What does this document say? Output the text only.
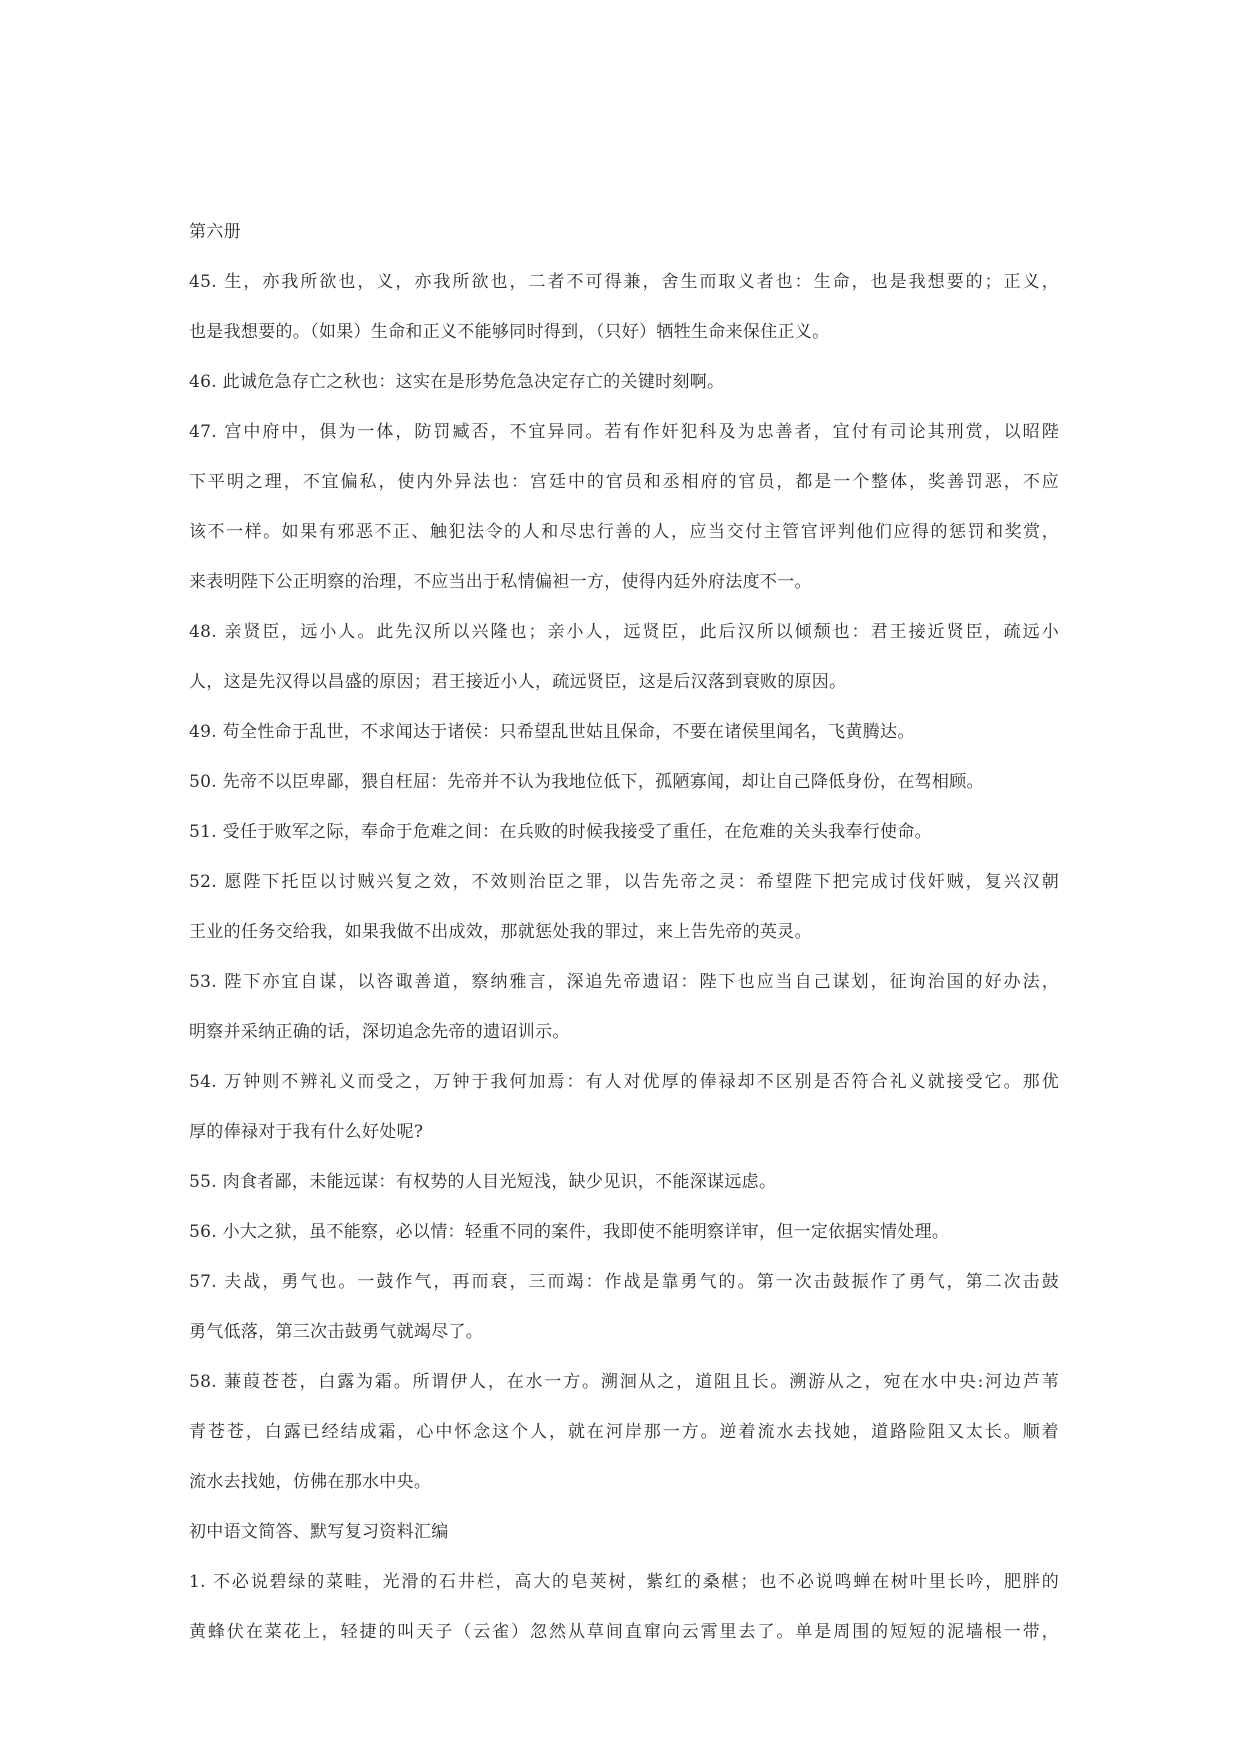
第六册
45. 生，亦我所欲也，义，亦我所欲也，二者不可得兼，舍生而取义者也：生命，也是我想要的；正义，
也是我想要的。（如果）生命和正义不能够同时得到，（只好）牺牲生命来保住正义。
46. 此诚危急存亡之秋也：这实在是形势危急决定存亡的关键时刻啊。
47. 宫中府中，俱为一体，防罚臧否，不宜异同。若有作奸犯科及为忠善者，宜付有司论其刑赏，以昭陛
下平明之理，不宜偏私，使内外异法也：宫廷中的官员和丞相府的官员，都是一个整体，奖善罚恶，不应
该不一样。如果有邪恶不正、触犯法令的人和尽忠行善的人，应当交付主管官评判他们应得的惩罚和奖赏，
来表明陛下公正明察的治理，不应当出于私情偏袒一方，使得内廷外府法度不一。
48. 亲贤臣，远小人。此先汉所以兴隆也；亲小人，远贤臣，此后汉所以倾颓也：君王接近贤臣，疏远小
人，这是先汉得以昌盛的原因；君王接近小人，疏远贤臣，这是后汉落到衰败的原因。
49. 苟全性命于乱世，不求闻达于诸侯：只希望乱世姑且保命，不要在诸侯里闻名，飞黄腾达。
50. 先帝不以臣卑鄙，猥自枉屈：先帝并不认为我地位低下，孤陋寡闻，却让自己降低身份，在驾相顾。
51. 受任于败军之际，奉命于危难之间：在兵败的时候我接受了重任，在危难的关头我奉行使命。
52. 愿陛下托臣以讨贼兴复之效，不效则治臣之罪，以告先帝之灵：希望陛下把完成讨伐奸贼，复兴汉朝
王业的任务交给我，如果我做不出成效，那就惩处我的罪过，来上告先帝的英灵。
53. 陛下亦宜自谋，以咨诹善道，察纳雅言，深追先帝遗诏：陛下也应当自己谋划，征询治国的好办法，
明察并采纳正确的话，深切追念先帝的遗诏训示。
54. 万钟则不辨礼义而受之，万钟于我何加焉：有人对优厚的俸禄却不区别是否符合礼义就接受它。那优
厚的俸禄对于我有什么好处呢?
55. 肉食者鄙，未能远谋：有权势的人目光短浅，缺少见识，不能深谋远虑。
56. 小大之狱，虽不能察，必以情：轻重不同的案件，我即使不能明察详审，但一定依据实情处理。
57. 夫战，勇气也。一鼓作气，再而衰，三而竭：作战是靠勇气的。第一次击鼓振作了勇气，第二次击鼓
勇气低落，第三次击鼓勇气就竭尽了。
58. 蒹葭苍苍，白露为霜。所谓伊人，在水一方。溯洄从之，道阻且长。溯游从之，宛在水中央:河边芦苇
青苍苍，白露已经结成霜，心中怀念这个人，就在河岸那一方。逆着流水去找她，道路险阻又太长。顺着
流水去找她，仿佛在那水中央。
初中语文简答、默写复习资料汇编
1. 不必说碧绿的菜畦，光滑的石井栏，高大的皂荚树，紫红的桑椹；也不必说鸣蝉在树叶里长吟，肥胖的
黄蜂伏在菜花上，轻捷的叫天子（云雀）忽然从草间直窜向云霄里去了。单是周围的短短的泥墙根一带，
